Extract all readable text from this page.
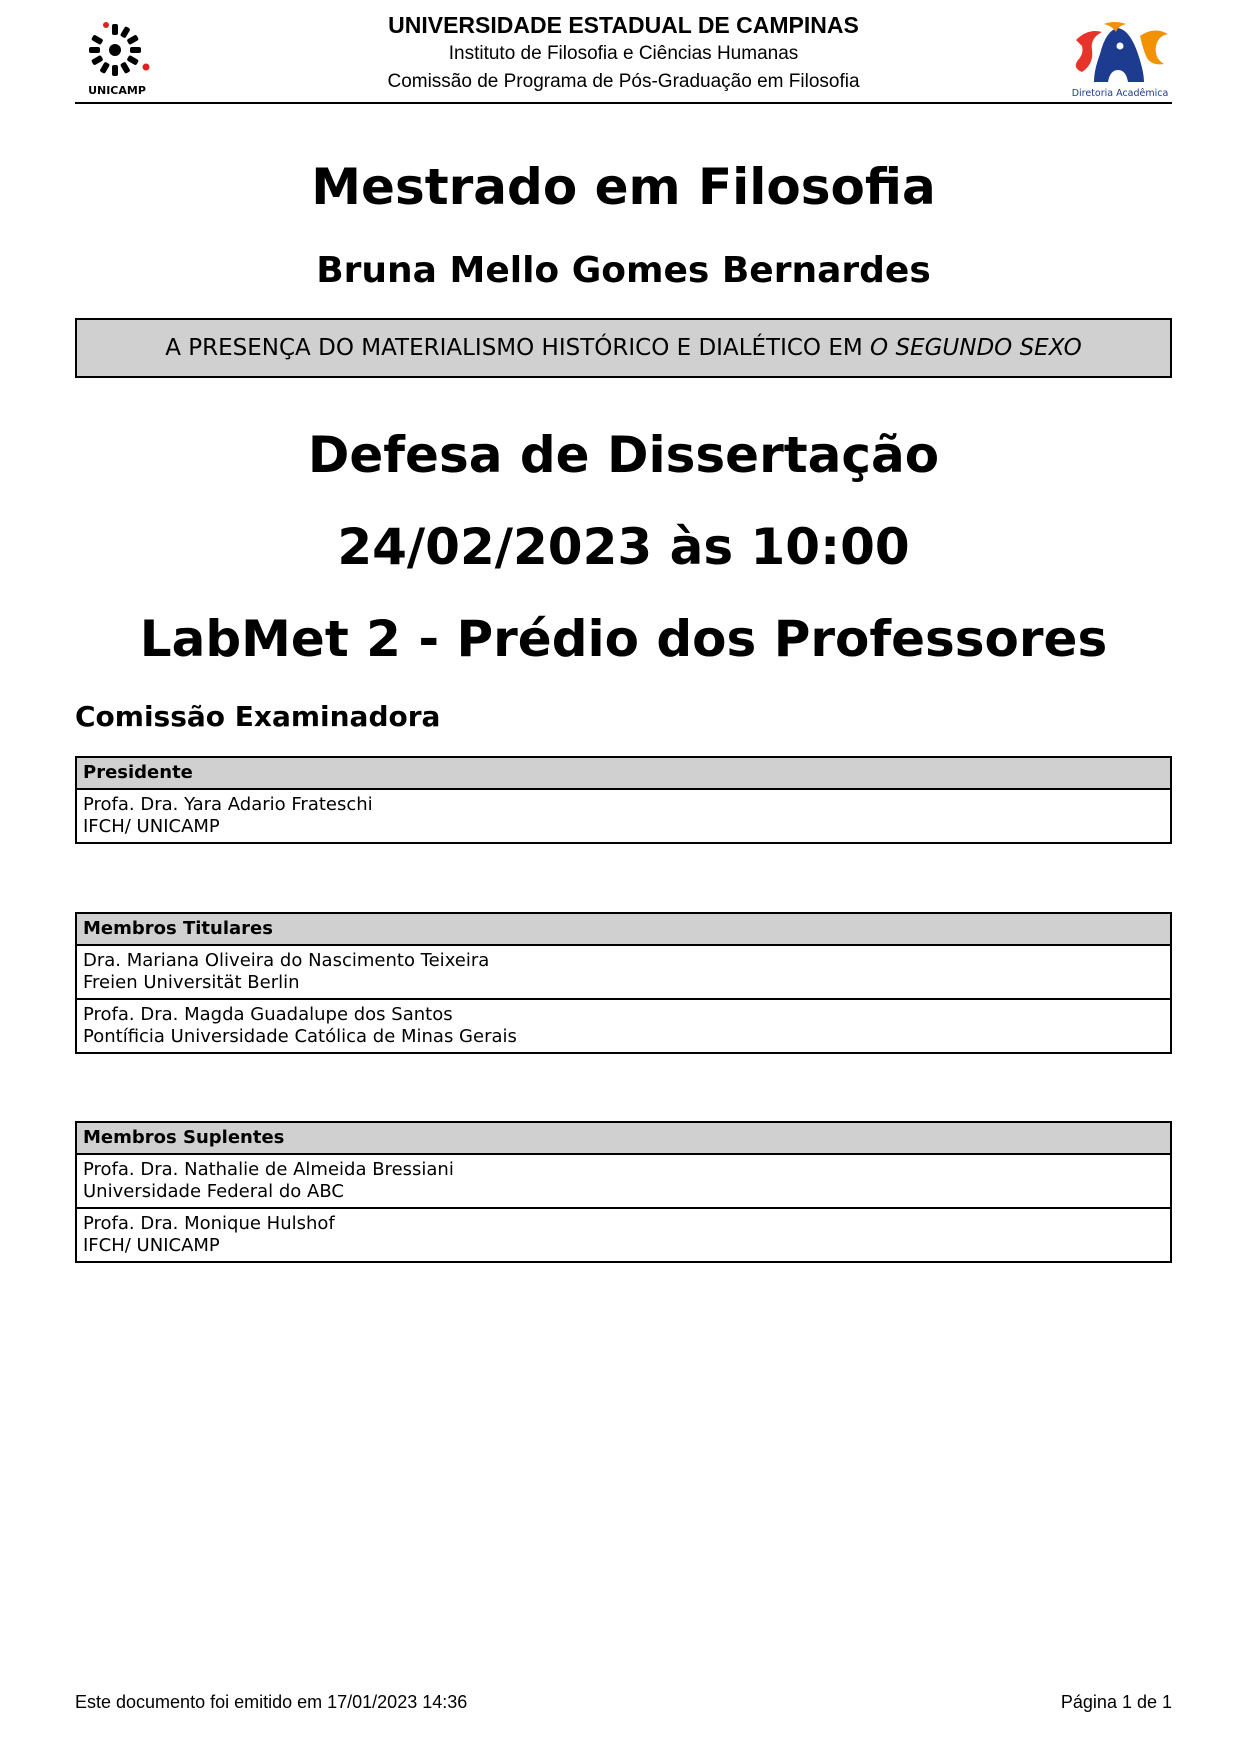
UNICAMP	Diretoria Acadêmica
UNIVERSIDADE ESTADUAL DE CAMPINAS
Instituto de Filosofia e Ciências Humanas
Comissão de Programa de Pós-Graduação em Filosofia
Mestrado em Filosofia
Bruna Mello Gomes Bernardes
A PRESENÇA DO MATERIALISMO HISTÓRICO E DIALÉTICO EM O SEGUNDO SEXO
Defesa de Dissertação
24/02/2023 às 10:00
LabMet 2 - Prédio dos Professores
Comissão Examinadora
Presidente
Profa. Dra. Yara Adario Frateschi
IFCH/ UNICAMP
Membros Titulares
Dra. Mariana Oliveira do Nascimento Teixeira
Freien Universität Berlin
Profa. Dra. Magda Guadalupe dos Santos
Pontíficia Universidade Católica de Minas Gerais
Membros Suplentes
Profa. Dra. Nathalie de Almeida Bressiani
Universidade Federal do ABC
Profa. Dra. Monique Hulshof
IFCH/ UNICAMP
Este documento foi emitido em 17/01/2023 14:36	Página 1 de 1
